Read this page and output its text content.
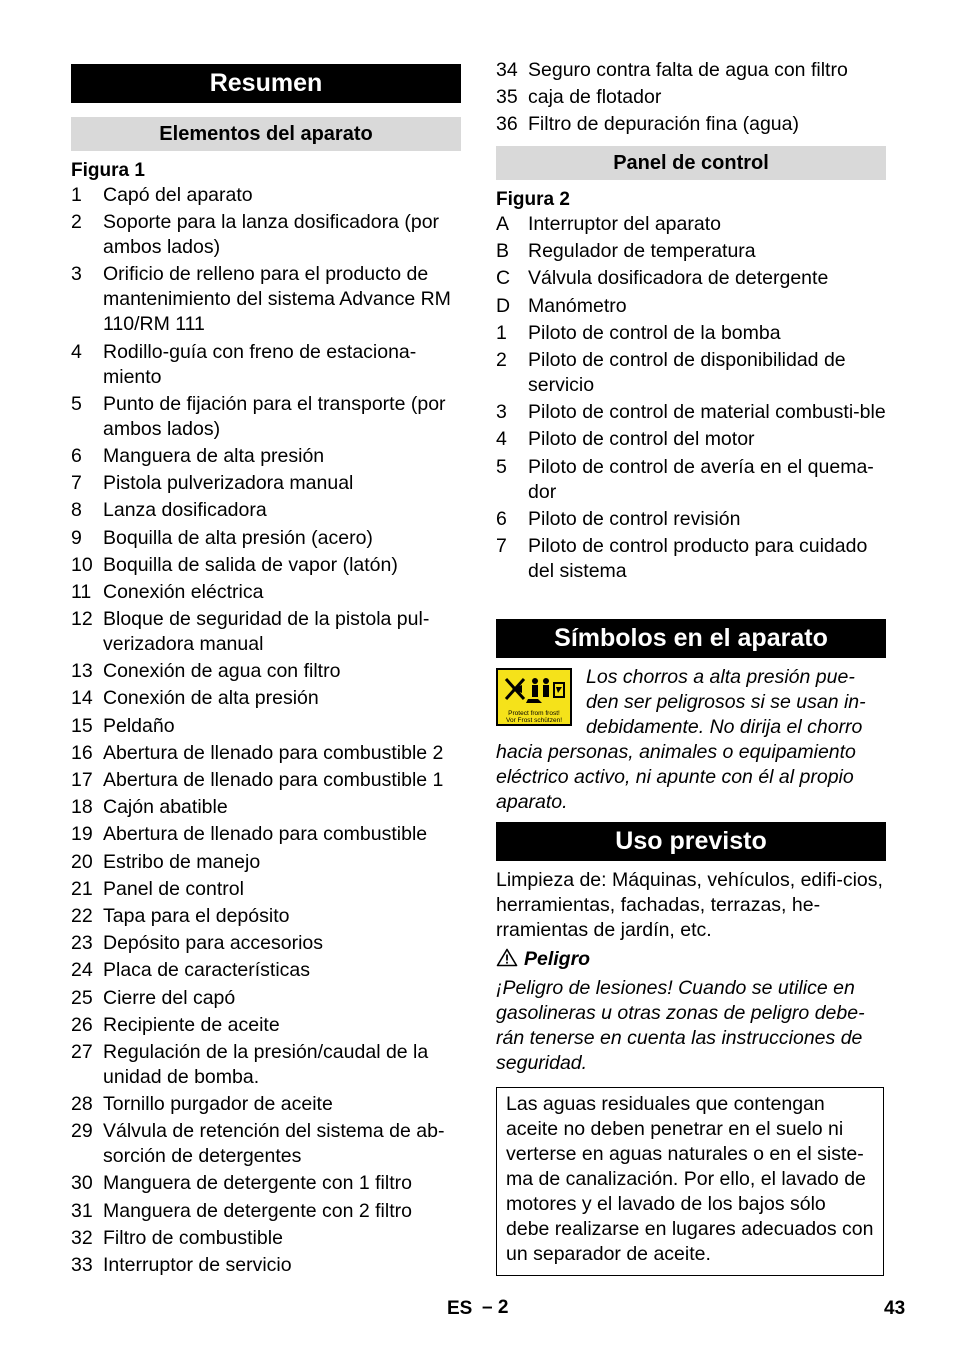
Resumen
Elementos del aparato
Figura 1
1	Capó del aparato
2	Soporte para la lanza dosificadora (por ambos lados)
3	Orificio de relleno para el producto de mantenimiento del sistema Advance RM 110/RM 111
4	Rodillo-guía con freno de estaciona-miento
5	Punto de fijación para el transporte (por ambos lados)
6	Manguera de alta presión
7	Pistola pulverizadora manual
8	Lanza dosificadora
9	Boquilla de alta presión (acero)
10 Boquilla de salida de vapor (latón)
11 Conexión eléctrica
12 Bloque de seguridad de la pistola pul-verizadora manual
13 Conexión de agua con filtro
14 Conexión de alta presión
15 Peldaño
16 Abertura de llenado para combustible 2
17 Abertura de llenado para combustible 1
18 Cajón abatible
19 Abertura de llenado para combustible
20 Estribo de manejo
21 Panel de control
22 Tapa para el depósito
23 Depósito para accesorios
24 Placa de características
25 Cierre del capó
26 Recipiente de aceite
27 Regulación de la presión/caudal de la unidad de bomba.
28 Tornillo purgador de aceite
29 Válvula de retención del sistema de ab-sorción de detergentes
30 Manguera de detergente con 1 filtro
31 Manguera de detergente con 2 filtro
32 Filtro de combustible
33 Interruptor de servicio
34 Seguro contra falta de agua con filtro
35 caja de flotador
36 Filtro de depuración fina (agua)
Panel de control
Figura 2
A Interruptor del aparato
B Regulador de temperatura
C Válvula dosificadora de detergente
D Manómetro
1	Piloto de control de la bomba
2	Piloto de control de disponibilidad de servicio
3	Piloto de control de material combusti-ble
4	Piloto de control del motor
5	Piloto de control de avería en el quema-dor
6	Piloto de control revisión
7	Piloto de control producto para cuidado del sistema
Símbolos en el aparato
Protect from frost!
Vor Frost schützen!
Los chorros a alta presión pue-den ser peligrosos si se usan in-debidamente. No dirija el chorro hacia personas, animales o equipamiento eléctrico activo, ni apunte con él al propio aparato.
Uso previsto

Limpieza de: Máquinas, vehículos, edifi-cios, herramientas, fachadas, terrazas, he-rramientas de jardín, etc.

Peligro

¡Peligro de lesiones! Cuando se utilice en gasolineras u otras zonas de peligro debe-rán tenerse en cuenta las instrucciones de seguridad.

Las aguas residuales que contengan aceite no deben penetrar en el suelo ni verterse en aguas naturales o en el siste-ma de canalización. Por ello, el lavado de motores y el lavado de los bajos sólo debe realizarse en lugares adecuados con un separador de aceite.
ES – 2	43
